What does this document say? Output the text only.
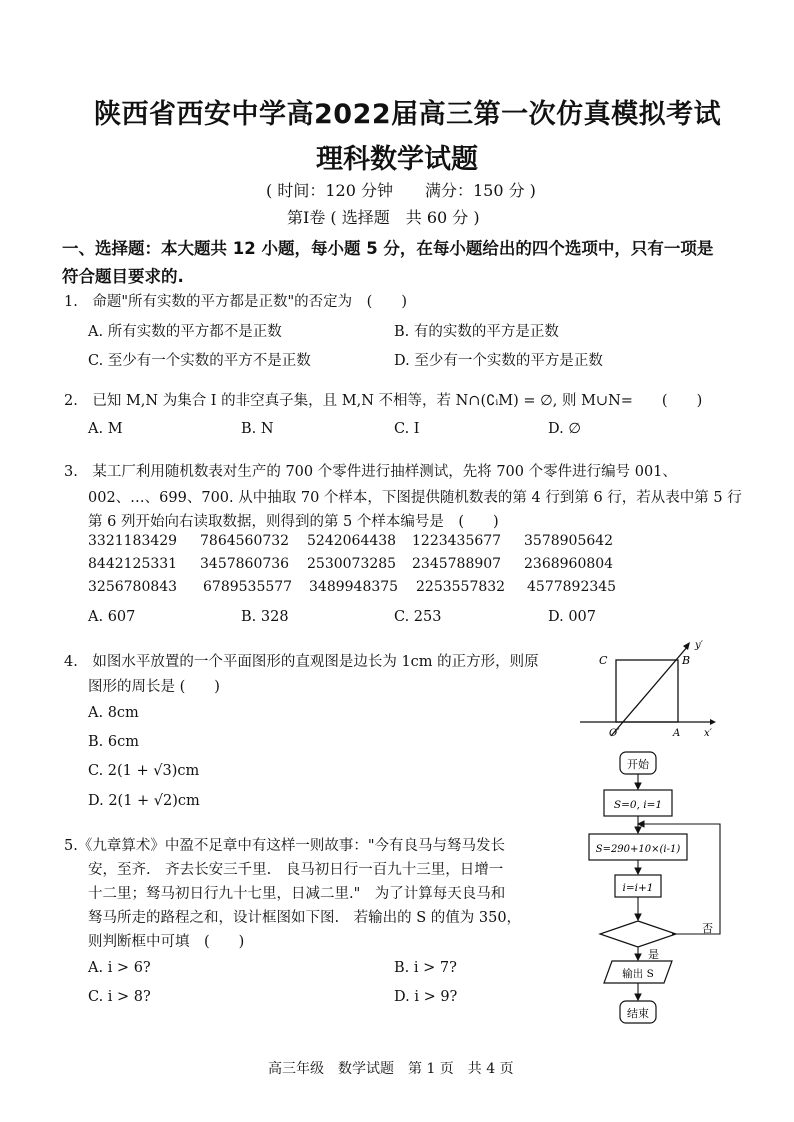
陕西省西安中学高2022届高三第一次仿真模拟考试
理科数学试题
( 时间：120 分钟　　满分：150 分 )
第Ⅰ卷 ( 选择题　共 60 分 )
一、选择题：本大题共 12 小题，每小题 5 分，在每小题给出的四个选项中，只有一项是
符合题目要求的.
1.　命题"所有实数的平方都是正数"的否定为　(　　)
A. 所有实数的平方都不是正数	B. 有的实数的平方是正数
C. 至少有一个实数的平方不是正数	D. 至少有一个实数的平方是正数
2.　已知 M,N 为集合 I 的非空真子集，且 M,N 不相等，若 N∩(∁ᵢM) = ∅, 则 M∪N=　　(　　)
A. M	B. N	C. I	D. ∅
3.　某工厂利用随机数表对生产的 700 个零件进行抽样测试，先将 700 个零件进行编号 001、
002、…、699、700. 从中抽取 70 个样本，下图提供随机数表的第 4 行到第 6 行，若从表中第 5 行
第 6 列开始向右读取数据，则得到的第 5 个样本编号是　(　　)
3321183429 7864560732 5242064438 1223435677 3578905642
8442125331 3457860736 2530073285 2345788907 2368960804
3256780843 6789535577 3489948375 2253557832 4577892345
A. 607	B. 328	C. 253	D. 007
4.　如图水平放置的一个平面图形的直观图是边长为 1cm 的正方形，则原
图形的周长是 (　　)
A. 8cm
B. 6cm
C. 2(1 + √3)cm
D. 2(1 + √2)cm
C	B
O′	A x′
y′
5.《九章算术》中盈不足章中有这样一则故事："今有良马与驽马发长
安，至齐.　齐去长安三千里.　良马初日行一百九十三里，日增一
十二里；驽马初日行九十七里，日减二里."　为了计算每天良马和
驽马所走的路程之和，设计框图如下图.　若输出的 S 的值为 350，
则判断框中可填　(　　)
A. i > 6?	B. i > 7?
C. i > 8?	D. i > 9?
开始
S=0, i=1
S=290+10×(i-1)
i=i+1
否
是
输出 S
结束
高三年级　数学试题　第 1 页　共 4 页
